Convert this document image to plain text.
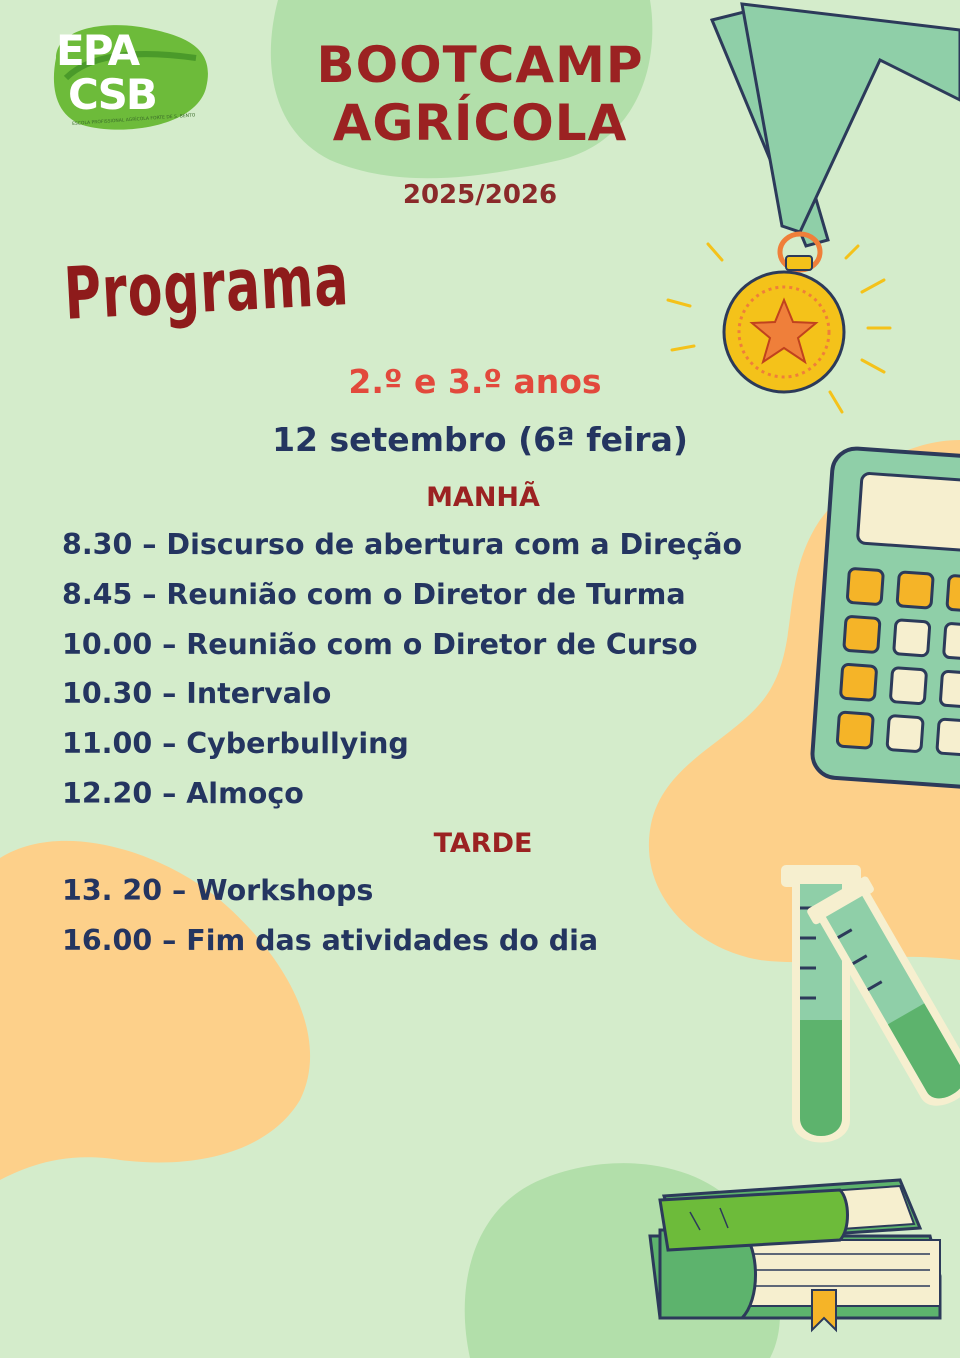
EPA
CSB
ESCOLA PROFISSIONAL AGRÍCOLA FORTE DE S. BENTO
BOOTCAMP
AGRÍCOLA
2025/2026
Programa
2.º e 3.º anos
12 setembro (6ª feira)
MANHÃ
8.30 – Discurso de abertura com a Direção
8.45 – Reunião com o Diretor de Turma
10.00 – Reunião com o Diretor de Curso
10.30 – Intervalo
11.00 – Cyberbullying
12.20 – Almoço
TARDE
13. 20 – Workshops
16.00 – Fim das atividades do dia
